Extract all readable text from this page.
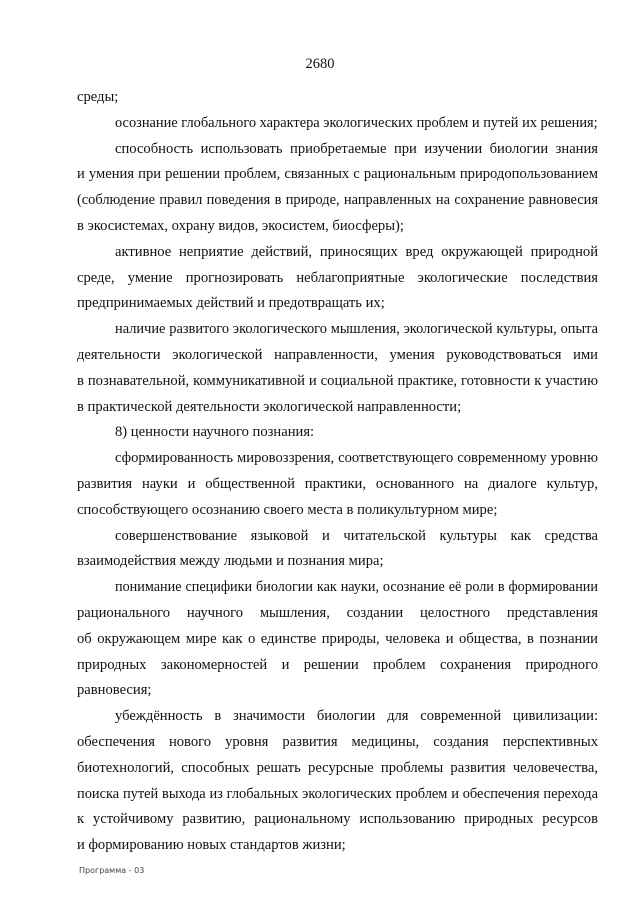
2680
среды;
осознание глобального характера экологических проблем и путей их решения;
способность использовать приобретаемые при изучении биологии знания
и умения при решении проблем, связанных с рациональным природопользованием
(соблюдение правил поведения в природе, направленных на сохранение равновесия
в экосистемах, охрану видов, экосистем, биосферы);
активное неприятие действий, приносящих вред окружающей природной
среде, умение прогнозировать неблагоприятные экологические последствия
предпринимаемых действий и предотвращать их;
наличие развитого экологического мышления, экологической культуры, опыта
деятельности экологической направленности, умения руководствоваться ими
в познавательной, коммуникативной и социальной практике, готовности к участию
в практической деятельности экологической направленности;
8) ценности научного познания:
сформированность мировоззрения, соответствующего современному уровню
развития науки и общественной практики, основанного на диалоге культур,
способствующего осознанию своего места в поликультурном мире;
совершенствование языковой и читательской культуры как средства
взаимодействия между людьми и познания мира;
понимание специфики биологии как науки, осознание её роли в формировании
рационального научного мышления, создании целостного представления
об окружающем мире как о единстве природы, человека и общества, в познании
природных закономерностей и решении проблем сохранения природного
равновесия;
убеждённость в значимости биологии для современной цивилизации:
обеспечения нового уровня развития медицины, создания перспективных
биотехнологий, способных решать ресурсные проблемы развития человечества,
поиска путей выхода из глобальных экологических проблем и обеспечения перехода
к устойчивому развитию, рациональному использованию природных ресурсов
и формированию новых стандартов жизни;
Программа - 03
